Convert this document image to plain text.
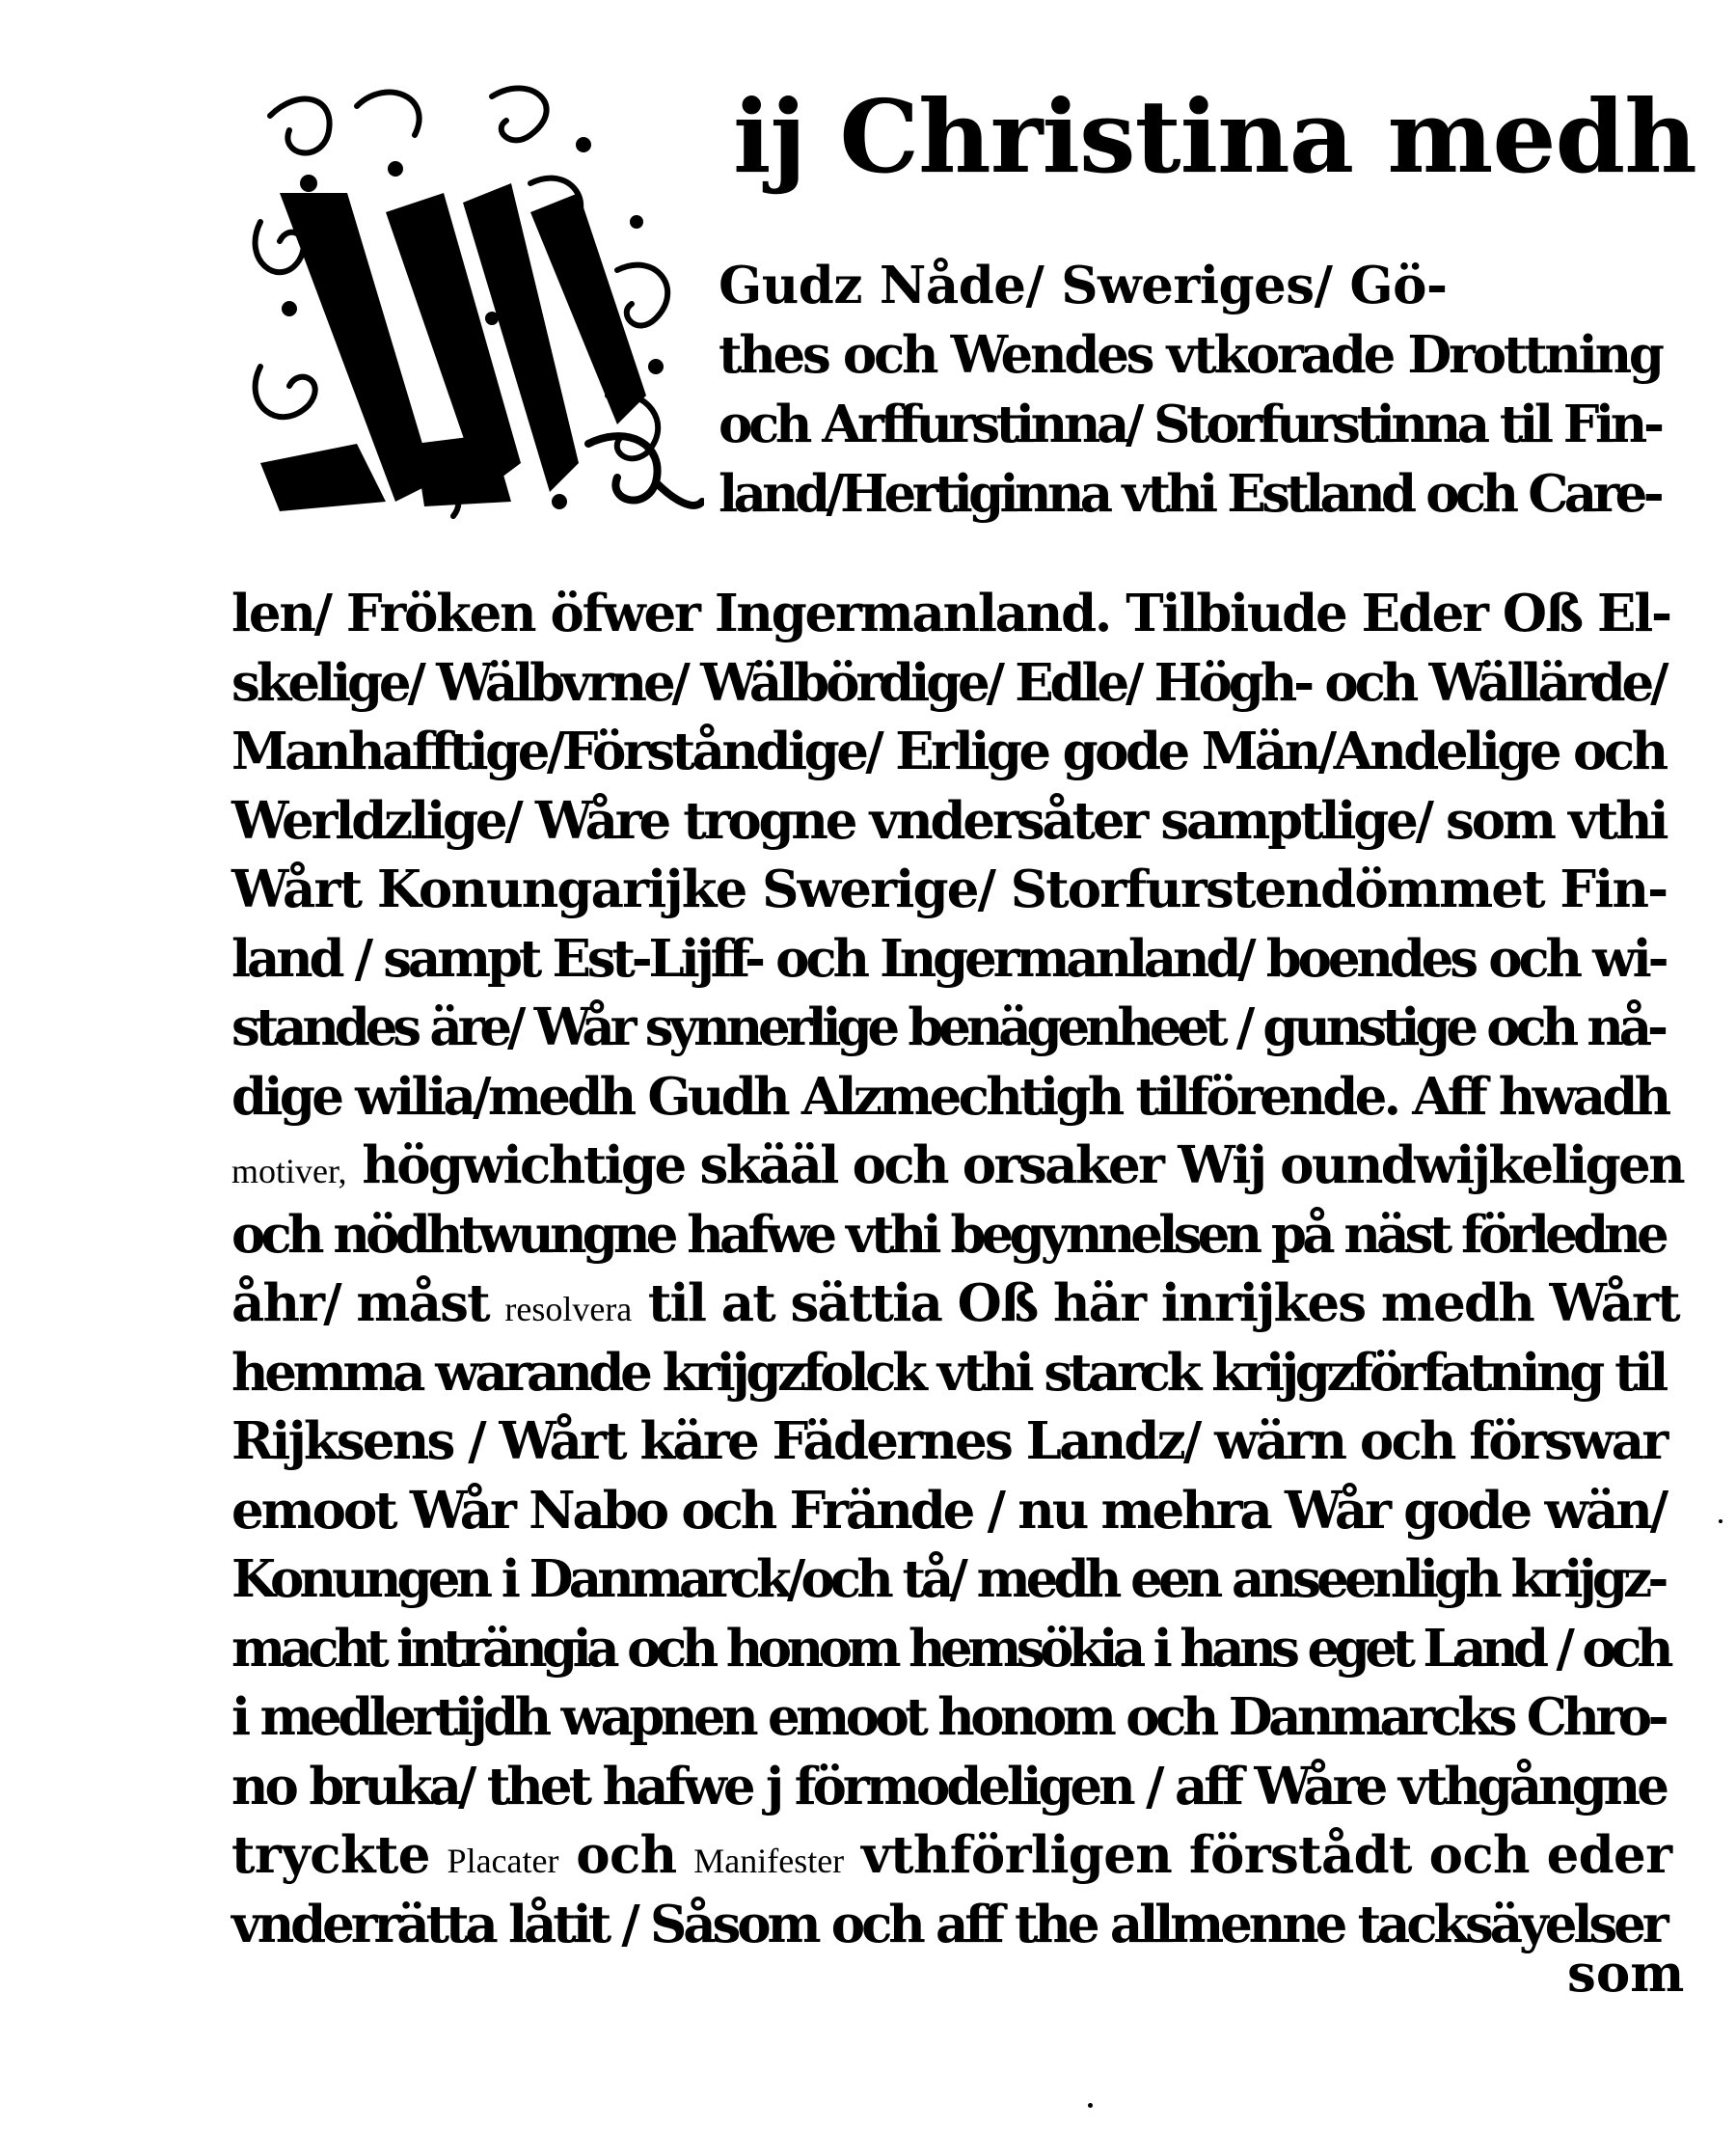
ij Christina medh
Gudz Nåde/ Sweriges/ Gö-
thes och Wendes vtkorade Drottning
och Arffurstinna/ Storfurstinna til Fin-
land/Hertiginna vthi Estland och Care-
len/ Fröken öfwer Ingermanland. Tilbiude Eder Oß El-
skelige/ Wälbvrne/ Wälbördige/ Edle/ Högh- och Wällärde/
Manhafftige/Förståndige/ Erlige gode Män/Andelige och
Werldzlige/ Wåre trogne vndersåter samptlige/ som vthi
Wårt Konungarijke Swerige/ Storfurstendömmet Fin-
land / sampt Est-Lijff- och Ingermanland/ boendes och wi-
standes äre/ Wår synnerlige benägenheet / gunstige och nå-
dige wilia/medh Gudh Alzmechtigh tilförende. Aff hwadh
motiver, högwichtige skääl och orsaker Wij oundwijkeligen
och nödhtwungne hafwe vthi begynnelsen på näst förledne
åhr/ måst resolvera til at sättia Oß här inrijkes medh Wårt
hemma warande krijgzfolck vthi starck krijgzförfatning til
Rijksens / Wårt käre Fädernes Landz/ wärn och förswar
emoot Wår Nabo och Frände / nu mehra Wår gode wän/
Konungen i Danmarck/och tå/ medh een anseenligh krijgz-
macht inträngia och honom hemsökia i hans eget Land / och
i medlertijdh wapnen emoot honom och Danmarcks Chro-
no bruka/ thet hafwe j förmodeligen / aff Wåre vthgångne
tryckte Placater och Manifester vthförligen förstådt och eder
vnderrätta låtit / Såsom och aff the allmenne tacksäyelser
som
